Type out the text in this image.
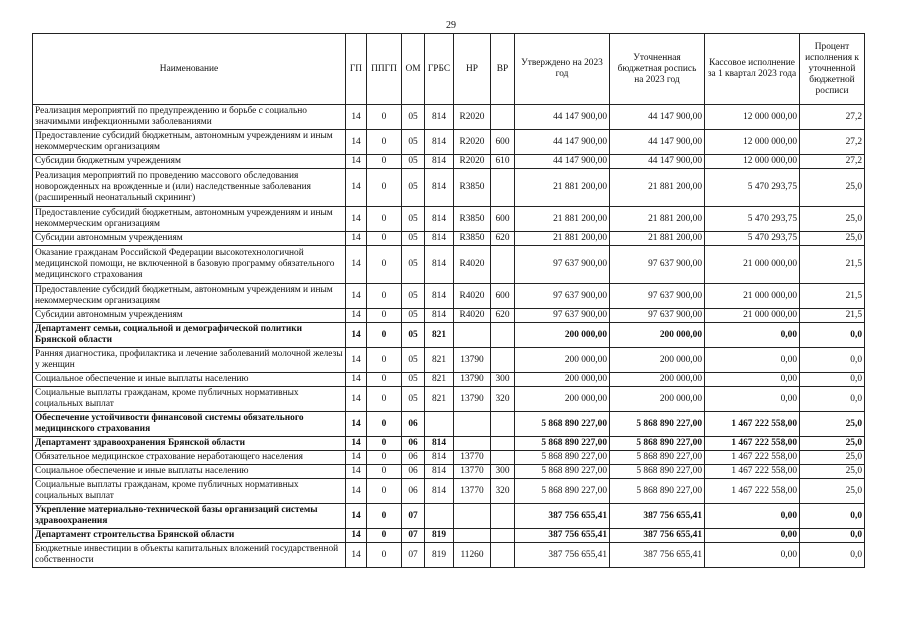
29
Наименование	ГП	ППГП	ОМ	ГРБС	НР	ВР	Утверждено на 2023 год	Уточненная бюджетная роспись на 2023 год	Кассовое исполнение за 1 квартал 2023 года	Процент исполнения к уточненной бюджетной росписи
Реализация мероприятий по предупреждению и борьбе с социально значимыми инфекционными заболеваниями	14	0	05	814	R2020		44 147 900,00	44 147 900,00	12 000 000,00	27,2
Предоставление субсидий бюджетным, автономным учреждениям и иным некоммерческим организациям	14	0	05	814	R2020	600	44 147 900,00	44 147 900,00	12 000 000,00	27,2
Субсидии бюджетным учреждениям	14	0	05	814	R2020	610	44 147 900,00	44 147 900,00	12 000 000,00	27,2
Реализация мероприятий по проведению массового обследования новорожденных на врожденные и (или) наследственные заболевания (расширенный неонатальный скрининг)	14	0	05	814	R3850		21 881 200,00	21 881 200,00	5 470 293,75	25,0
Предоставление субсидий бюджетным, автономным учреждениям и иным некоммерческим организациям	14	0	05	814	R3850	600	21 881 200,00	21 881 200,00	5 470 293,75	25,0
Субсидии автономным учреждениям	14	0	05	814	R3850	620	21 881 200,00	21 881 200,00	5 470 293,75	25,0
Оказание гражданам Российской Федерации высокотехнологичной медицинской помощи, не включенной в базовую программу обязательного медицинского страхования	14	0	05	814	R4020		97 637 900,00	97 637 900,00	21 000 000,00	21,5
Предоставление субсидий бюджетным, автономным учреждениям и иным некоммерческим организациям	14	0	05	814	R4020	600	97 637 900,00	97 637 900,00	21 000 000,00	21,5
Субсидии автономным учреждениям	14	0	05	814	R4020	620	97 637 900,00	97 637 900,00	21 000 000,00	21,5
Департамент семьи, социальной и демографической политики Брянской области	14	0	05	821			200 000,00	200 000,00	0,00	0,0
Ранняя диагностика, профилактика и лечение заболеваний молочной железы у женщин	14	0	05	821	13790		200 000,00	200 000,00	0,00	0,0
Социальное обеспечение и иные выплаты населению	14	0	05	821	13790	300	200 000,00	200 000,00	0,00	0,0
Социальные выплаты гражданам, кроме публичных нормативных социальных выплат	14	0	05	821	13790	320	200 000,00	200 000,00	0,00	0,0
Обеспечение устойчивости финансовой системы обязательного медицинского страхования	14	0	06				5 868 890 227,00	5 868 890 227,00	1 467 222 558,00	25,0
Департамент здравоохранения Брянской области	14	0	06	814			5 868 890 227,00	5 868 890 227,00	1 467 222 558,00	25,0
Обязательное медицинское страхование неработающего населения	14	0	06	814	13770		5 868 890 227,00	5 868 890 227,00	1 467 222 558,00	25,0
Социальное обеспечение и иные выплаты населению	14	0	06	814	13770	300	5 868 890 227,00	5 868 890 227,00	1 467 222 558,00	25,0
Социальные выплаты гражданам, кроме публичных нормативных социальных выплат	14	0	06	814	13770	320	5 868 890 227,00	5 868 890 227,00	1 467 222 558,00	25,0
Укрепление материально-технической базы организаций системы здравоохранения	14	0	07				387 756 655,41	387 756 655,41	0,00	0,0
Департамент строительства Брянской области	14	0	07	819			387 756 655,41	387 756 655,41	0,00	0,0
Бюджетные инвестиции в объекты капитальных вложений государственной собственности	14	0	07	819	11260		387 756 655,41	387 756 655,41	0,00	0,0
